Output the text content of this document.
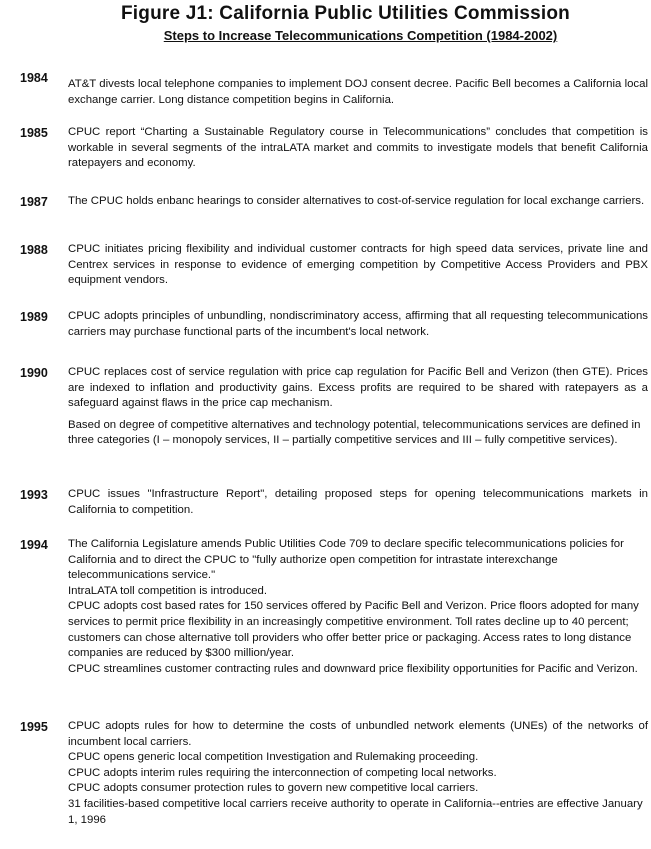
Figure J1: California Public Utilities Commission
Steps to Increase Telecommunications Competition (1984-2002)
1984 AT&T divests local telephone companies to implement DOJ consent decree. Pacific Bell becomes a California local exchange carrier. Long distance competition begins in California.

1985 CPUC report “Charting a Sustainable Regulatory course in Telecommunications” concludes that competition is workable in several segments of the intraLATA market and commits to investigate models that benefit California ratepayers and economy.

1987 The CPUC holds enbanc hearings to consider alternatives to cost-of-service regulation for local exchange carriers.

1988 CPUC initiates pricing flexibility and individual customer contracts for high speed data services, private line and Centrex services in response to evidence of emerging competition by Competitive Access Providers and PBX equipment vendors.

1989 CPUC adopts principles of unbundling, nondiscriminatory access, affirming that all requesting telecommunications carriers may purchase functional parts of the incumbent's local network.

1990 CPUC replaces cost of service regulation with price cap regulation for Pacific Bell and Verizon (then GTE). Prices are indexed to inflation and productivity gains. Excess profits are required to be shared with ratepayers as a safeguard against flaws in the price cap mechanism.

Based on degree of competitive alternatives and technology potential, telecommunications services are defined in three categories (I – monopoly services, II – partially competitive services and III – fully competitive services).

1993 CPUC issues "Infrastructure Report", detailing proposed steps for opening telecommunications markets in California to competition.

1994 The California Legislature amends Public Utilities Code 709 to declare specific telecommunications policies for California and to direct the CPUC to "fully authorize open competition for intrastate interexchange telecommunications service."

IntraLATA toll competition is introduced.

CPUC adopts cost based rates for 150 services offered by Pacific Bell and Verizon. Price floors adopted for many services to permit price flexibility in an increasingly competitive environment. Toll rates decline up to 40 percent; customers can chose alternative toll providers who offer better price or packaging. Access rates to long distance companies are reduced by $300 million/year.

CPUC streamlines customer contracting rules and downward price flexibility opportunities for Pacific and Verizon.

1995 CPUC adopts rules for how to determine the costs of unbundled network elements (UNEs) of the networks of incumbent local carriers.

CPUC opens generic local competition Investigation and Rulemaking proceeding.

CPUC adopts interim rules requiring the interconnection of competing local networks.

CPUC adopts consumer protection rules to govern new competitive local carriers.

31 facilities-based competitive local carriers receive authority to operate in California--entries are effective January 1, 1996
